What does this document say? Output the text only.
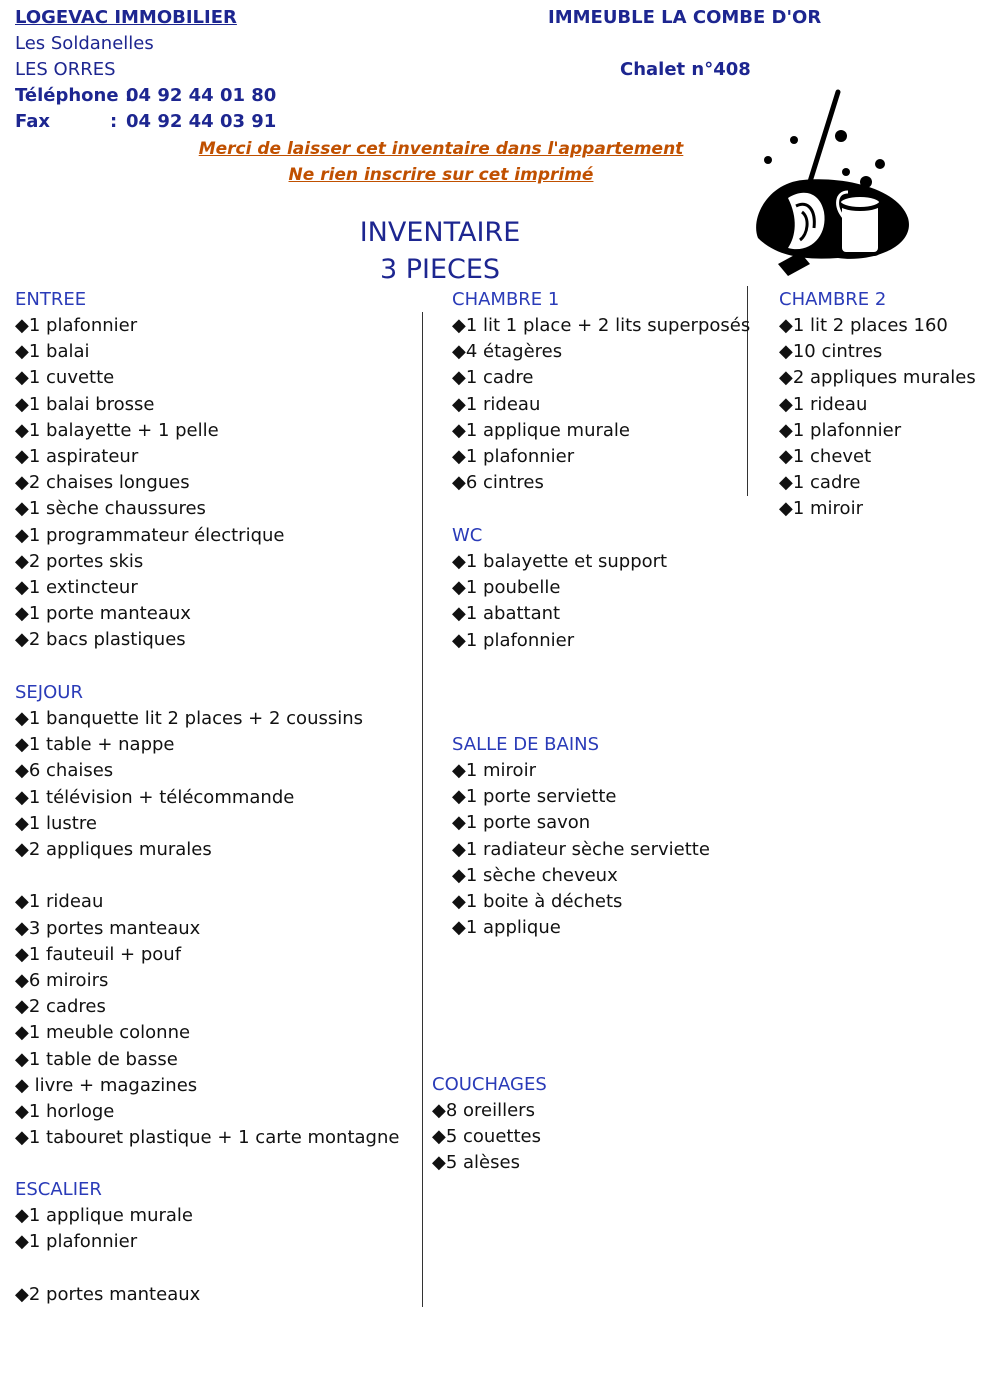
LOGEVAC IMMOBILIER
Les Soldanelles
LES ORRES
Téléphone :
04 92 44 01 80
Fax	: 04 92 44 03 91
IMMEUBLE LA COMBE D'OR
Chalet n°408
Merci de laisser cet inventaire dans l'appartement
Ne rien inscrire sur cet imprimé
INVENTAIRE
3 PIECES
ENTREE
◆1 plafonnier
◆1 balai
◆1 cuvette
◆1 balai brosse
◆1 balayette + 1 pelle
◆1 aspirateur
◆2 chaises longues
◆1 sèche chaussures
◆1 programmateur électrique
◆2 portes skis
◆1 extincteur
◆1 porte manteaux
◆2 bacs plastiques
SEJOUR
◆1 banquette lit 2 places + 2 coussins
◆1 table + nappe
◆6 chaises
◆1 télévision + télécommande
◆1 lustre
◆2 appliques murales
◆1 rideau
◆3 portes manteaux
◆1 fauteuil + pouf
◆6 miroirs
◆2 cadres
◆1 meuble colonne
◆1 table de basse
◆ livre + magazines
◆1 horloge
◆1 tabouret plastique + 1 carte montagne
ESCALIER
◆1 applique murale
◆1 plafonnier
◆2 portes manteaux
CHAMBRE 1
◆1 lit 1 place + 2 lits superposés
◆4 étagères
◆1 cadre
◆1 rideau
◆1 applique murale
◆1 plafonnier
◆6 cintres
WC
◆1 balayette et support
◆1 poubelle
◆1 abattant
◆1 plafonnier
SALLE DE BAINS
◆1 miroir
◆1 porte serviette
◆1 porte savon
◆1 radiateur sèche serviette
◆1 sèche cheveux
◆1 boite à déchets
◆1 applique
COUCHAGES
◆8 oreillers
◆5 couettes
◆5 alèses
CHAMBRE 2
◆1 lit 2 places 160
◆10 cintres
◆2 appliques murales
◆1 rideau
◆1 plafonnier
◆1 chevet
◆1 cadre
◆1 miroir
